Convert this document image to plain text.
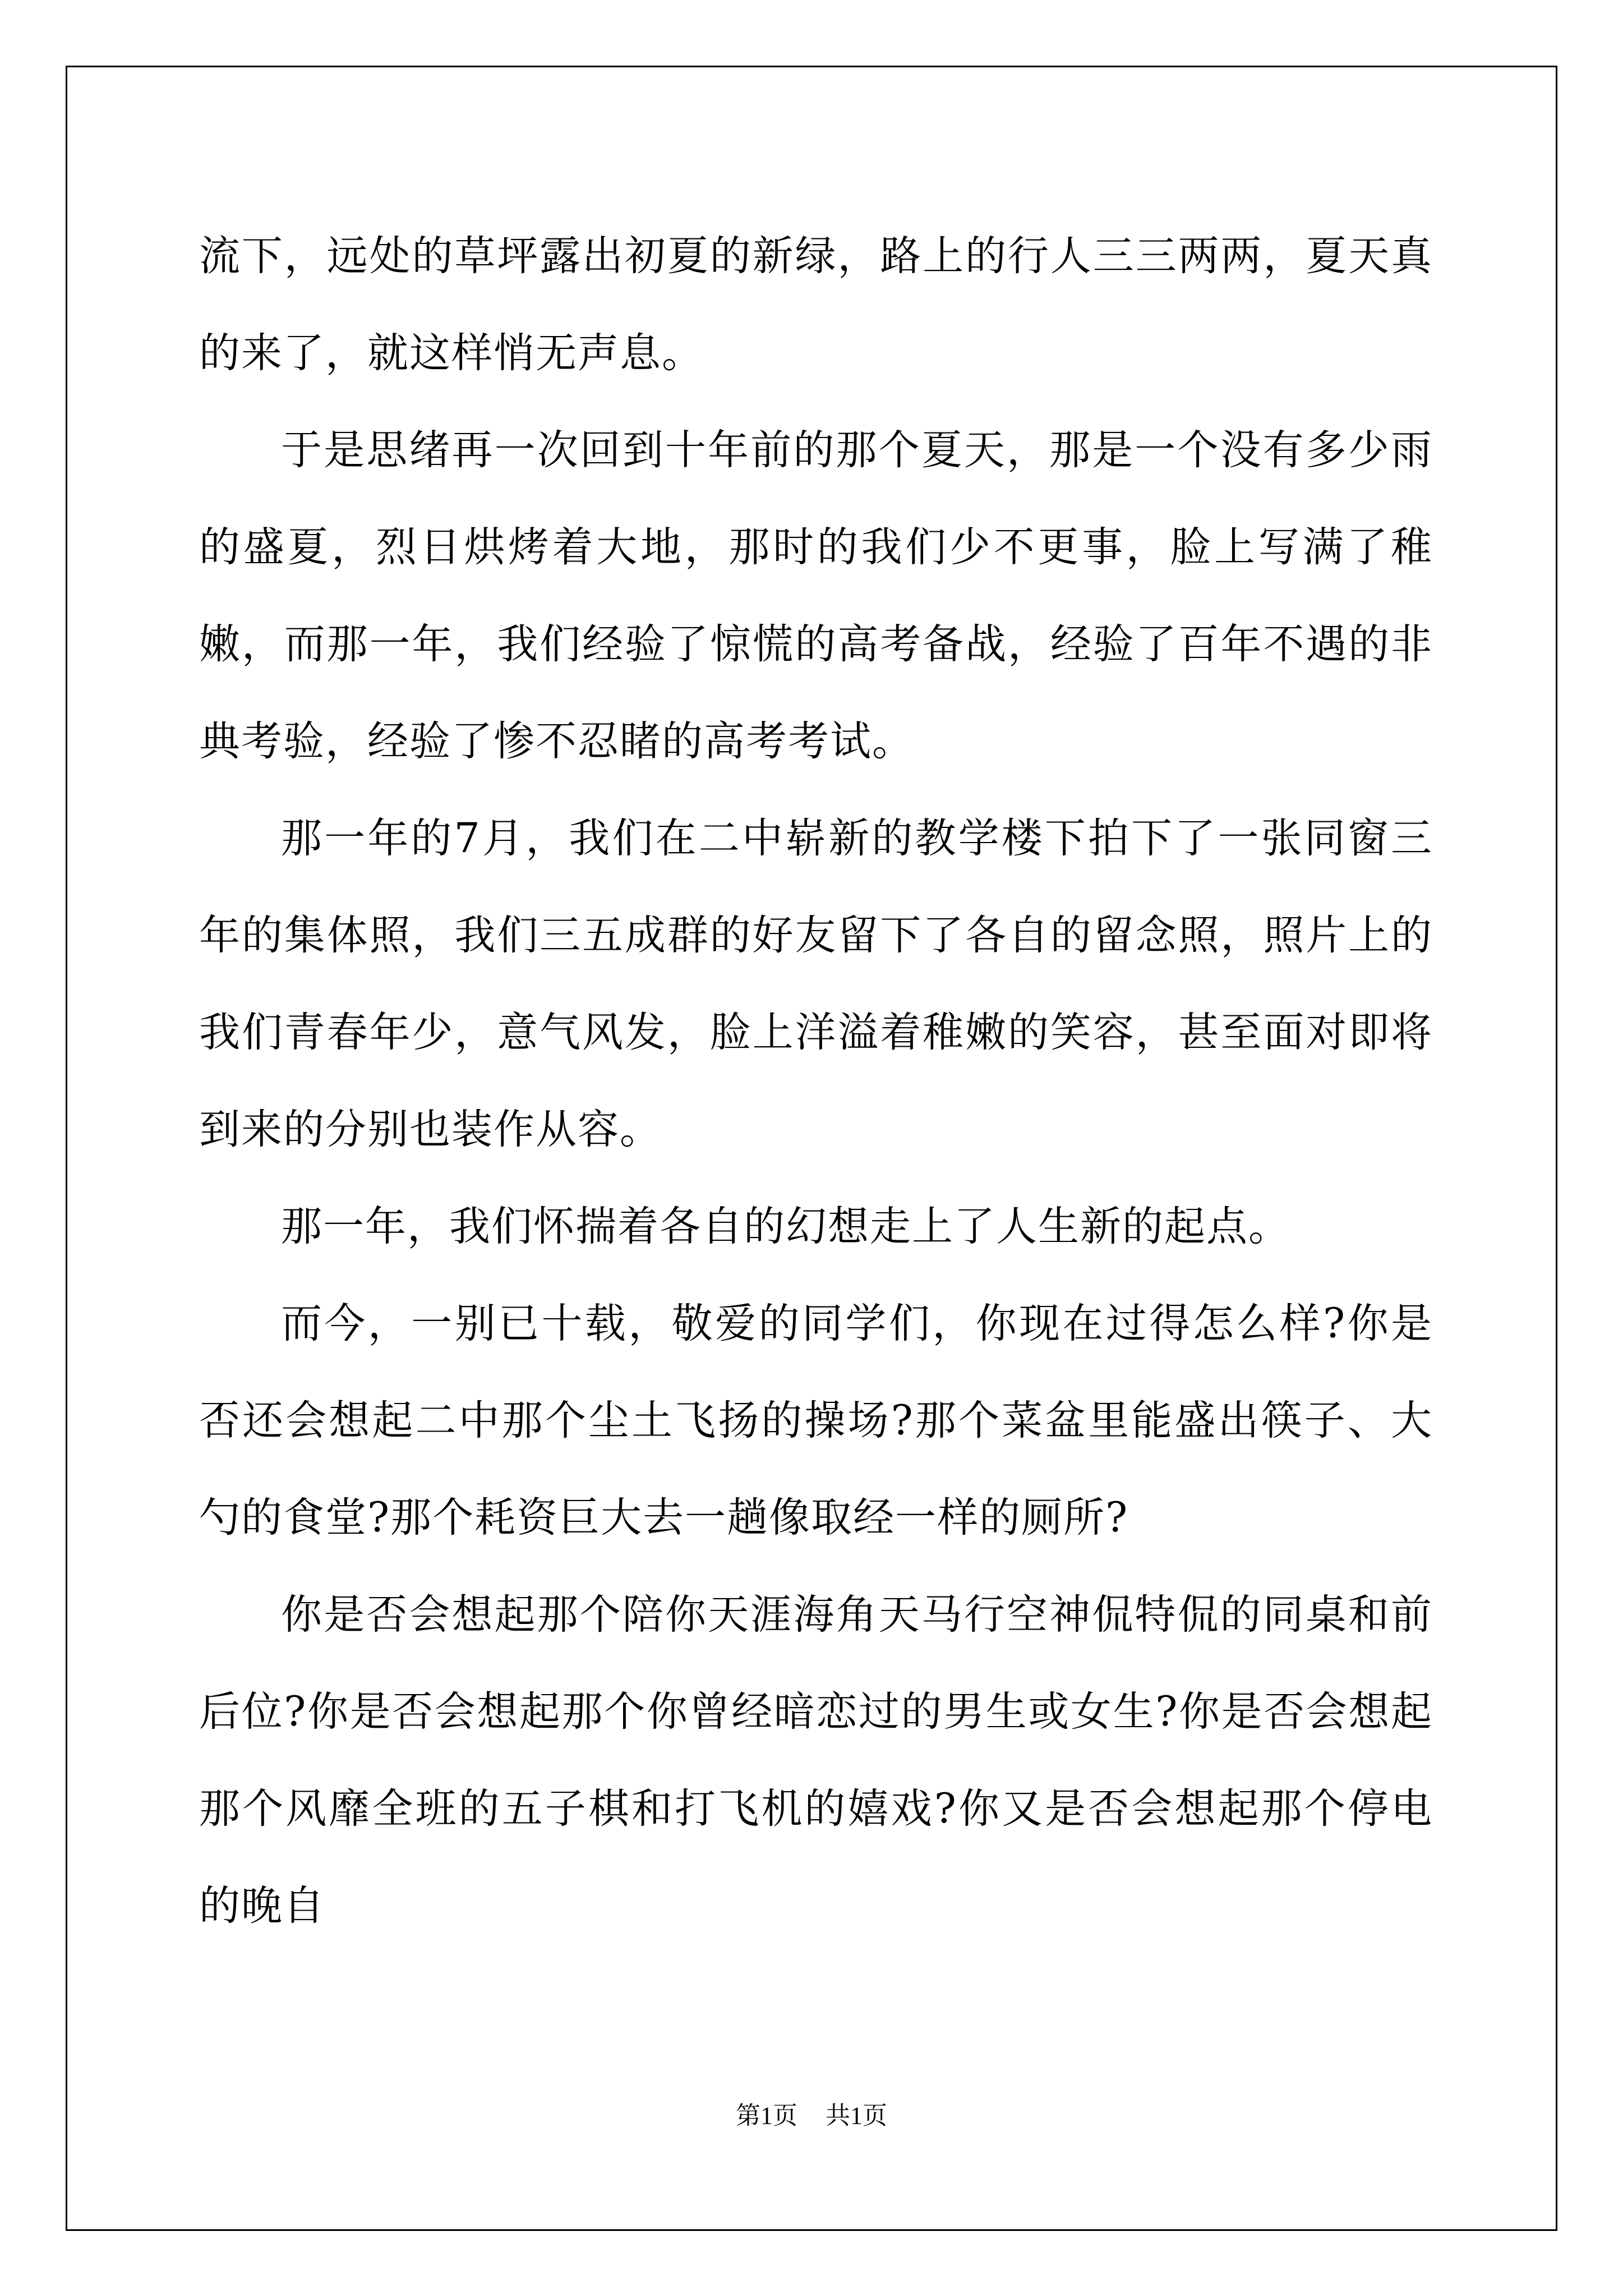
流下，远处的草坪露出初夏的新绿，路上的行人三三两两，夏天真的来了，就这样悄无声息。

于是思绪再一次回到十年前的那个夏天，那是一个没有多少雨的盛夏，烈日烘烤着大地，那时的我们少不更事，脸上写满了稚嫩，而那一年，我们经验了惊慌的高考备战，经验了百年不遇的非典考验，经验了惨不忍睹的高考考试。

那一年的7月，我们在二中崭新的教学楼下拍下了一张同窗三年的集体照，我们三五成群的好友留下了各自的留念照，照片上的我们青春年少，意气风发，脸上洋溢着稚嫩的笑容，甚至面对即将到来的分别也装作从容。

那一年，我们怀揣着各自的幻想走上了人生新的起点。

而今，一别已十载，敬爱的同学们，你现在过得怎么样?你是否还会想起二中那个尘土飞扬的操场?那个菜盆里能盛出筷子、大勺的食堂?那个耗资巨大去一趟像取经一样的厕所?

你是否会想起那个陪你天涯海角天马行空神侃特侃的同桌和前后位?你是否会想起那个你曾经暗恋过的男生或女生?你是否会想起那个风靡全班的五子棋和打飞机的嬉戏?你又是否会想起那个停电的晚自

第1页 共1页
